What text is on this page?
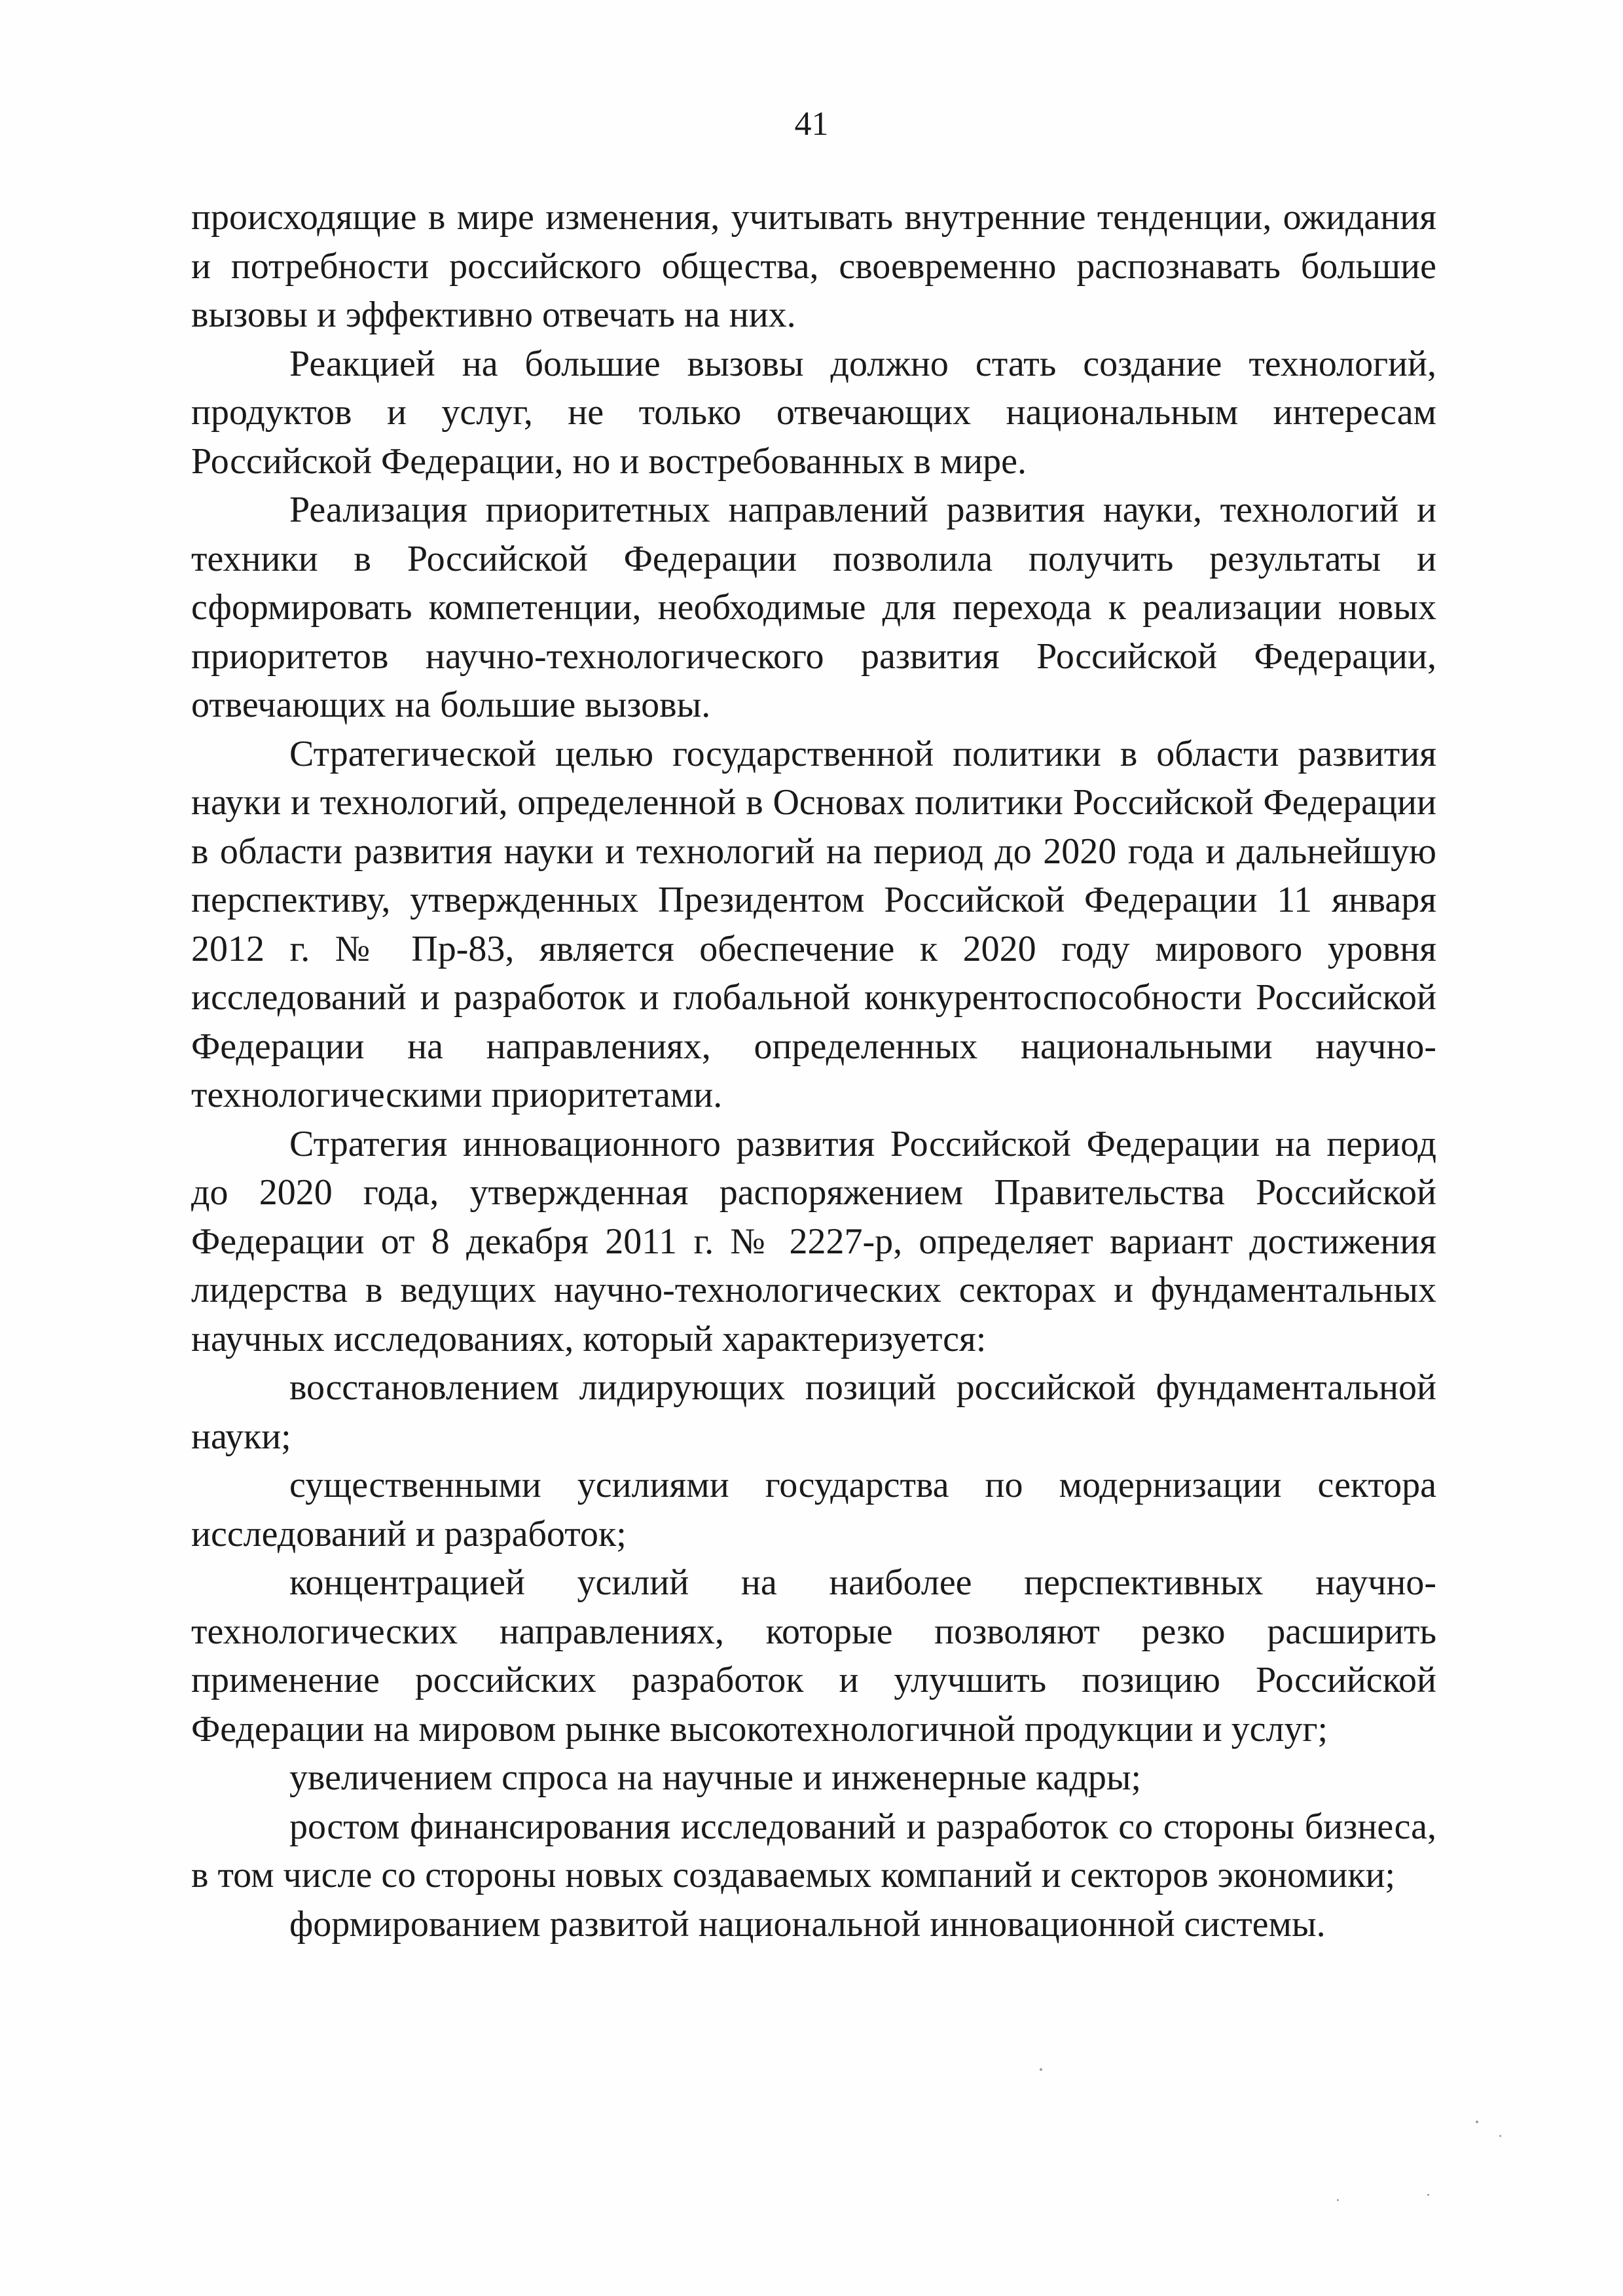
41

происходящие в мире изменения, учитывать внутренние тенденции, ожидания и потребности российского общества, своевременно распознавать большие вызовы и эффективно отвечать на них.

Реакцией на большие вызовы должно стать создание технологий, продуктов и услуг, не только отвечающих национальным интересам Российской Федерации, но и востребованных в мире.

Реализация приоритетных направлений развития науки, технологий и техники в Российской Федерации позволила получить результаты и сформировать компетенции, необходимые для перехода к реализации новых приоритетов научно-технологического развития Российской Федерации, отвечающих на большие вызовы.

Стратегической целью государственной политики в области развития науки и технологий, определенной в Основах политики Российской Федерации в области развития науки и технологий на период до 2020 года и дальнейшую перспективу, утвержденных Президентом Российской Федерации 11 января 2012 г. № Пр-83, является обеспечение к 2020 году мирового уровня исследований и разработок и глобальной конкурентоспособности Российской Федерации на направлениях, определенных национальными научно-технологическими приоритетами.

Стратегия инновационного развития Российской Федерации на период до 2020 года, утвержденная распоряжением Правительства Российской Федерации от 8 декабря 2011 г. № 2227-р, определяет вариант достижения лидерства в ведущих научно-технологических секторах и фундаментальных научных исследованиях, который характеризуется:

восстановлением лидирующих позиций российской фундаментальной науки;

существенными усилиями государства по модернизации сектора исследований и разработок;

концентрацией усилий на наиболее перспективных научно-технологических направлениях, которые позволяют резко расширить применение российских разработок и улучшить позицию Российской Федерации на мировом рынке высокотехнологичной продукции и услуг;

увеличением спроса на научные и инженерные кадры;

ростом финансирования исследований и разработок со стороны бизнеса, в том числе со стороны новых создаваемых компаний и секторов экономики;

формированием развитой национальной инновационной системы.
